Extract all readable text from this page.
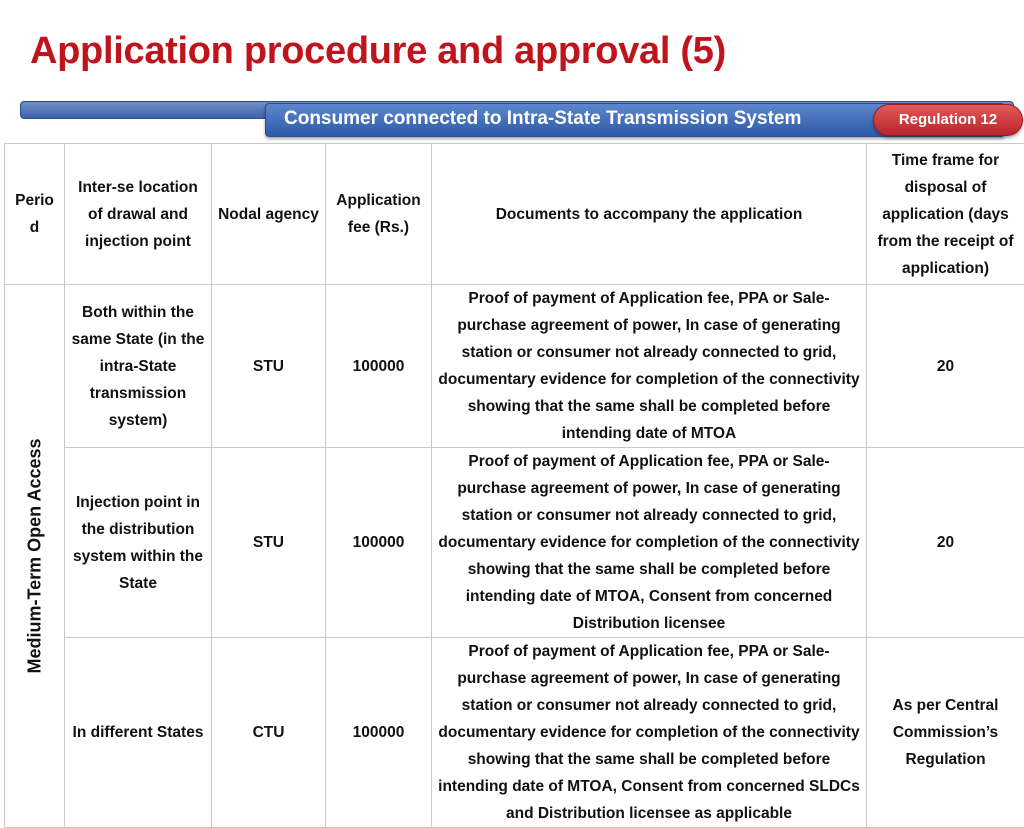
Application procedure and approval (5)
Consumer connected to Intra-State Transmission System	Regulation 12
Period	Inter-se location of drawal and injection point	Nodal agency	Application fee (Rs.)	Documents to accompany the application	Time frame for disposal of application (days from the receipt of application)

Medium-Term Open Access	Both within the same State (in the intra-State transmission system)	STU	100000	Proof of payment of Application fee, PPA or Sale-purchase agreement of power, In case of generating station or consumer not already connected to grid, documentary evidence for completion of the connectivity showing that the same shall be completed before intending date of MTOA	20
	Injection point in the distribution system within the State	STU	100000	Proof of payment of Application fee, PPA or Sale-purchase agreement of power, In case of generating station or consumer not already connected to grid, documentary evidence for completion of the connectivity showing that the same shall be completed before intending date of MTOA, Consent from concerned Distribution licensee	20
	In different States	CTU	100000	Proof of payment of Application fee, PPA or Sale-purchase agreement of power, In case of generating station or consumer not already connected to grid, documentary evidence for completion of the connectivity showing that the same shall be completed before intending date of MTOA, Consent from concerned SLDCs and Distribution licensee as applicable	As per Central Commission’s Regulation
